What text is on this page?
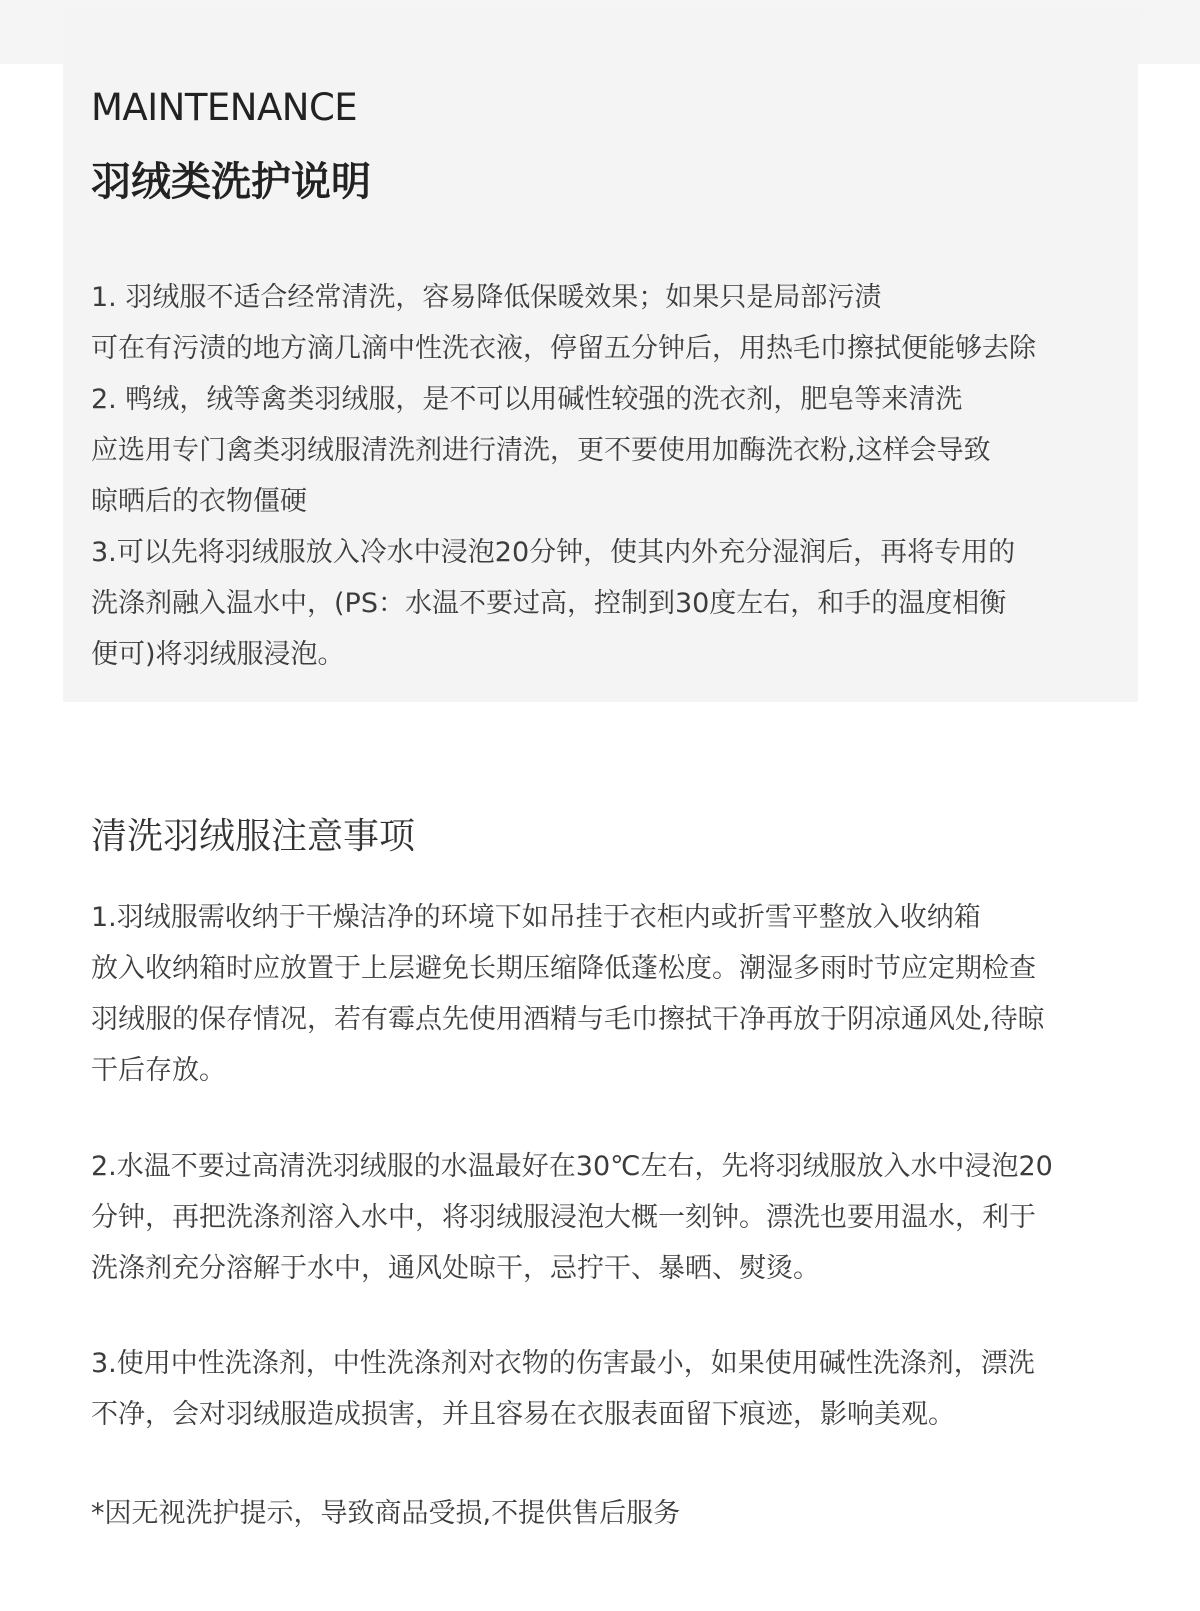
MAINTENANCE
羽绒类洗护说明
1. 羽绒服不适合经常清洗，容易降低保暖效果；如果只是局部污渍
可在有污渍的地方滴几滴中性洗衣液，停留五分钟后，用热毛巾擦拭便能够去除
2. 鸭绒，绒等禽类羽绒服，是不可以用碱性较强的洗衣剂，肥皂等来清洗
应选用专门禽类羽绒服清洗剂进行清洗，更不要使用加酶洗衣粉,这样会导致
晾晒后的衣物僵硬
3.可以先将羽绒服放入冷水中浸泡20分钟，使其内外充分湿润后，再将专用的
洗涤剂融入温水中，(PS：水温不要过高，控制到30度左右，和手的温度相衡
便可)将羽绒服浸泡。
清洗羽绒服注意事项
1.羽绒服需收纳于干燥洁净的环境下如吊挂于衣柜内或折雪平整放入收纳箱
放入收纳箱时应放置于上层避免长期压缩降低蓬松度。潮湿多雨时节应定期检查
羽绒服的保存情况，若有霉点先使用酒精与毛巾擦拭干净再放于阴凉通风处,待晾
干后存放。
2.水温不要过高清洗羽绒服的水温最好在30℃左右，先将羽绒服放入水中浸泡20
分钟，再把洗涤剂溶入水中，将羽绒服浸泡大概一刻钟。漂洗也要用温水，利于
洗涤剂充分溶解于水中，通风处晾干，忌拧干、暴晒、熨烫。
3.使用中性洗涤剂，中性洗涤剂对衣物的伤害最小，如果使用碱性洗涤剂，漂洗
不净，会对羽绒服造成损害，并且容易在衣服表面留下痕迹，影响美观。

*因无视洗护提示，导致商品受损,不提供售后服务
